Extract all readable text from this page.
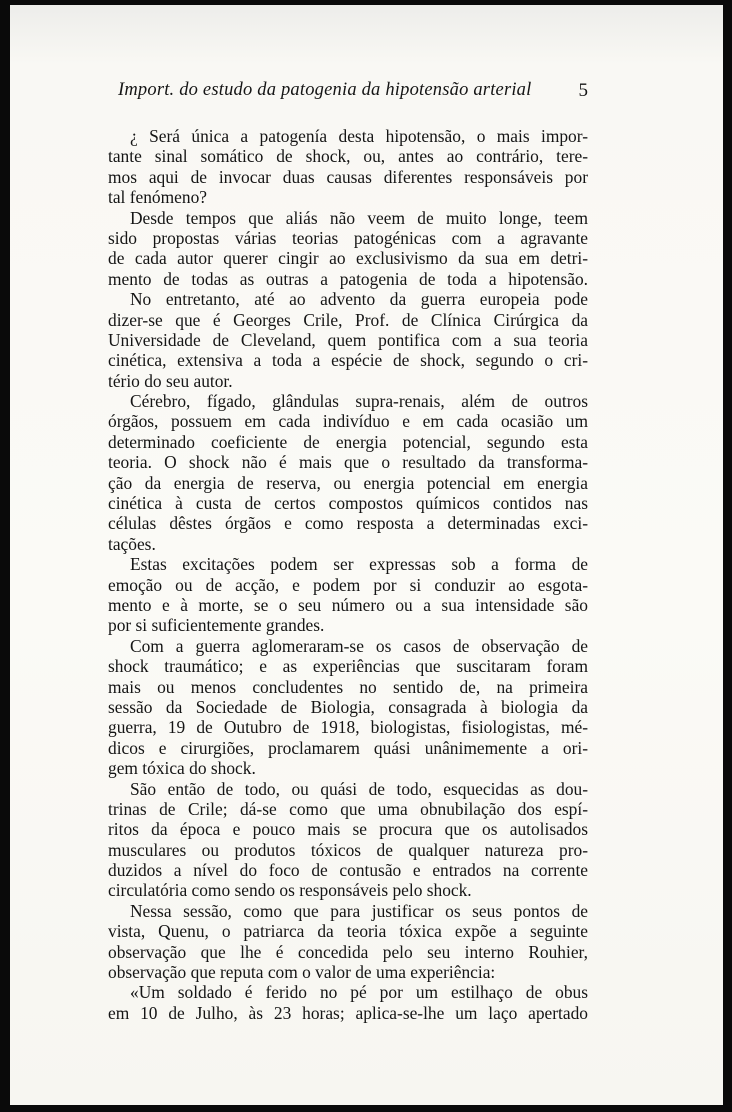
Import. do estudo da patogenia da hipotensão arterial 5
¿ Será única a patogenía desta hipotensão, o mais impor-
tante sinal somático de shock, ou, antes ao contrário, tere-
mos aqui de invocar duas causas diferentes responsáveis por
tal fenómeno?
Desde tempos que aliás não veem de muito longe, teem
sido propostas várias teorias patogénicas com a agravante
de cada autor querer cingir ao exclusivismo da sua em detri-
mento de todas as outras a patogenia de toda a hipotensão.
No entretanto, até ao advento da guerra europeia pode
dizer-se que é Georges Crile, Prof. de Clínica Cirúrgica da
Universidade de Cleveland, quem pontifica com a sua teoria
cinética, extensiva a toda a espécie de shock, segundo o cri-
tério do seu autor.
Cérebro, fígado, glândulas supra-renais, além de outros
órgãos, possuem em cada indivíduo e em cada ocasião um
determinado coeficiente de energia potencial, segundo esta
teoria. O shock não é mais que o resultado da transforma-
ção da energia de reserva, ou energia potencial em energia
cinética à custa de certos compostos químicos contidos nas
células dêstes órgãos e como resposta a determinadas exci-
tações.
Estas excitações podem ser expressas sob a forma de
emoção ou de acção, e podem por si conduzir ao esgota-
mento e à morte, se o seu número ou a sua intensidade são
por si suficientemente grandes.
Com a guerra aglomeraram-se os casos de observação de
shock traumático; e as experiências que suscitaram foram
mais ou menos concludentes no sentido de, na primeira
sessão da Sociedade de Biologia, consagrada à biologia da
guerra, 19 de Outubro de 1918, biologistas, fisiologistas, mé-
dicos e cirurgiões, proclamarem quási unânimemente a ori-
gem tóxica do shock.
São então de todo, ou quási de todo, esquecidas as dou-
trinas de Crile; dá-se como que uma obnubilação dos espí-
ritos da época e pouco mais se procura que os autolisados
musculares ou produtos tóxicos de qualquer natureza pro-
duzidos a nível do foco de contusão e entrados na corrente
circulatória como sendo os responsáveis pelo shock.
Nessa sessão, como que para justificar os seus pontos de
vista, Quenu, o patriarca da teoria tóxica expõe a seguinte
observação que lhe é concedida pelo seu interno Rouhier,
observação que reputa com o valor de uma experiência:
«Um soldado é ferido no pé por um estilhaço de obus
em 10 de Julho, às 23 horas; aplica-se-lhe um laço apertado
